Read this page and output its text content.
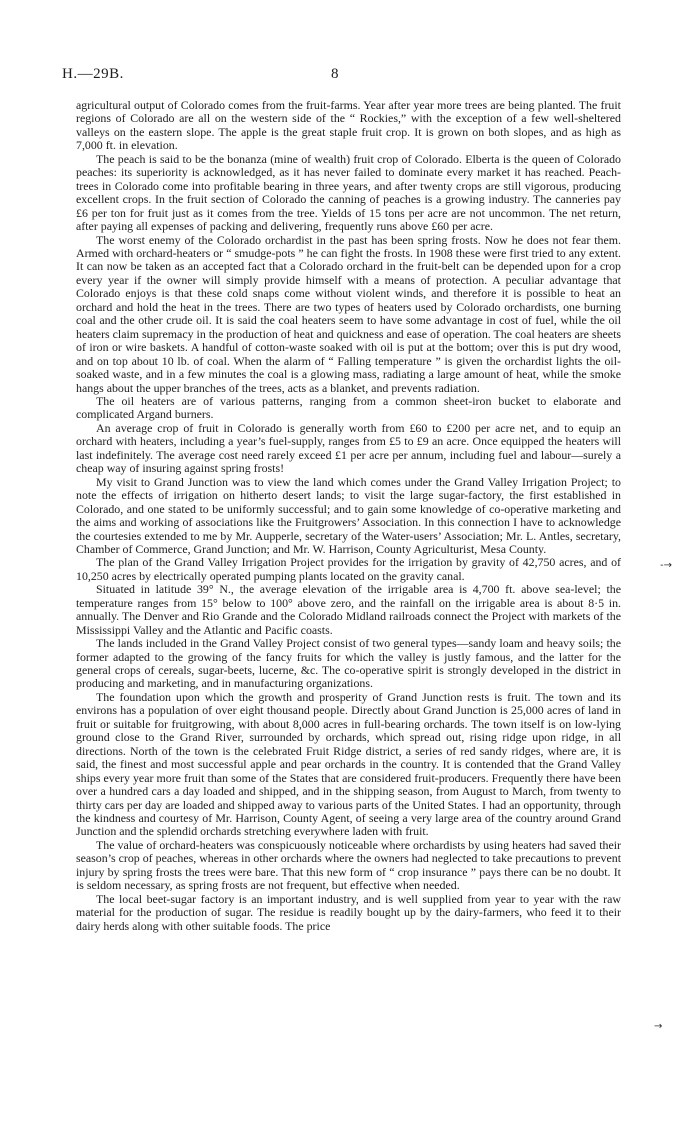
H.—29B.	8

agricultural output of Colorado comes from the fruit-farms. Year after year more trees are being planted. The fruit regions of Colorado are all on the western side of the “ Rockies,” with the exception of a few well-sheltered valleys on the eastern slope. The apple is the great staple fruit crop. It is grown on both slopes, and as high as 7,000 ft. in elevation.

The peach is said to be the bonanza (mine of wealth) fruit crop of Colorado. Elberta is the queen of Colorado peaches: its superiority is acknowledged, as it has never failed to dominate every market it has reached. Peach-trees in Colorado come into profitable bearing in three years, and after twenty crops are still vigorous, producing excellent crops. In the fruit section of Colorado the canning of peaches is a growing industry. The canneries pay £6 per ton for fruit just as it comes from the tree. Yields of 15 tons per acre are not uncommon. The net return, after paying all expenses of packing and delivering, frequently runs above £60 per acre.

The worst enemy of the Colorado orchardist in the past has been spring frosts. Now he does not fear them. Armed with orchard-heaters or “ smudge-pots ” he can fight the frosts. In 1908 these were first tried to any extent. It can now be taken as an accepted fact that a Colorado orchard in the fruit-belt can be depended upon for a crop every year if the owner will simply provide himself with a means of protection. A peculiar advantage that Colorado enjoys is that these cold snaps come without violent winds, and therefore it is possible to heat an orchard and hold the heat in the trees. There are two types of heaters used by Colorado orchardists, one burning coal and the other crude oil. It is said the coal heaters seem to have some advantage in cost of fuel, while the oil heaters claim supremacy in the production of heat and quickness and ease of operation. The coal heaters are sheets of iron or wire baskets. A handful of cotton-waste soaked with oil is put at the bottom; over this is put dry wood, and on top about 10 lb. of coal. When the alarm of “ Falling temperature ” is given the orchardist lights the oil-soaked waste, and in a few minutes the coal is a glowing mass, radiating a large amount of heat, while the smoke hangs about the upper branches of the trees, acts as a blanket, and prevents radiation.

The oil heaters are of various patterns, ranging from a common sheet-iron bucket to elaborate and complicated Argand burners.

An average crop of fruit in Colorado is generally worth from £60 to £200 per acre net, and to equip an orchard with heaters, including a year’s fuel-supply, ranges from £5 to £9 an acre. Once equipped the heaters will last indefinitely. The average cost need rarely exceed £1 per acre per annum, including fuel and labour—surely a cheap way of insuring against spring frosts!

My visit to Grand Junction was to view the land which comes under the Grand Valley Irrigation Project; to note the effects of irrigation on hitherto desert lands; to visit the large sugar-factory, the first established in Colorado, and one stated to be uniformly successful; and to gain some knowledge of co-operative marketing and the aims and working of associations like the Fruitgrowers’ Association. In this connection I have to acknowledge the courtesies extended to me by Mr. Aupperle, secretary of the Water-users’ Association; Mr. L. Antles, secretary, Chamber of Commerce, Grand Junction; and Mr. W. Harrison, County Agriculturist, Mesa County.

The plan of the Grand Valley Irrigation Project provides for the irrigation by gravity of 42,750 acres, and of 10,250 acres by electrically operated pumping plants located on the gravity canal.

Situated in latitude 39° N., the average elevation of the irrigable area is 4,700 ft. above sea-level; the temperature ranges from 15° below to 100° above zero, and the rainfall on the irrigable area is about 8·5 in. annually. The Denver and Rio Grande and the Colorado Midland railroads connect the Project with markets of the Mississippi Valley and the Atlantic and Pacific coasts.

The lands included in the Grand Valley Project consist of two general types—sandy loam and heavy soils; the former adapted to the growing of the fancy fruits for which the valley is justly famous, and the latter for the general crops of cereals, sugar-beets, lucerne, &c. The co-operative spirit is strongly developed in the district in producing and marketing, and in manufacturing organizations.

The foundation upon which the growth and prosperity of Grand Junction rests is fruit. The town and its environs has a population of over eight thousand people. Directly about Grand Junction is 25,000 acres of land in fruit or suitable for fruitgrowing, with about 8,000 acres in full-bearing orchards. The town itself is on low-lying ground close to the Grand River, surrounded by orchards, which spread out, rising ridge upon ridge, in all directions. North of the town is the celebrated Fruit Ridge district, a series of red sandy ridges, where are, it is said, the finest and most successful apple and pear orchards in the country. It is contended that the Grand Valley ships every year more fruit than some of the States that are considered fruit-producers. Frequently there have been over a hundred cars a day loaded and shipped, and in the shipping season, from August to March, from twenty to thirty cars per day are loaded and shipped away to various parts of the United States. I had an opportunity, through the kindness and courtesy of Mr. Harrison, County Agent, of seeing a very large area of the country around Grand Junction and the splendid orchards stretching everywhere laden with fruit.

The value of orchard-heaters was conspicuously noticeable where orchardists by using heaters had saved their season’s crop of peaches, whereas in other orchards where the owners had neglected to take precautions to prevent injury by spring frosts the trees were bare. That this new form of “ crop insurance ” pays there can be no doubt. It is seldom necessary, as spring frosts are not frequent, but effective when needed.

The local beet-sugar factory is an important industry, and is well supplied from year to year with the raw material for the production of sugar. The residue is readily bought up by the dairy-farmers, who feed it to their dairy herds along with other suitable foods. The price

-→
→
